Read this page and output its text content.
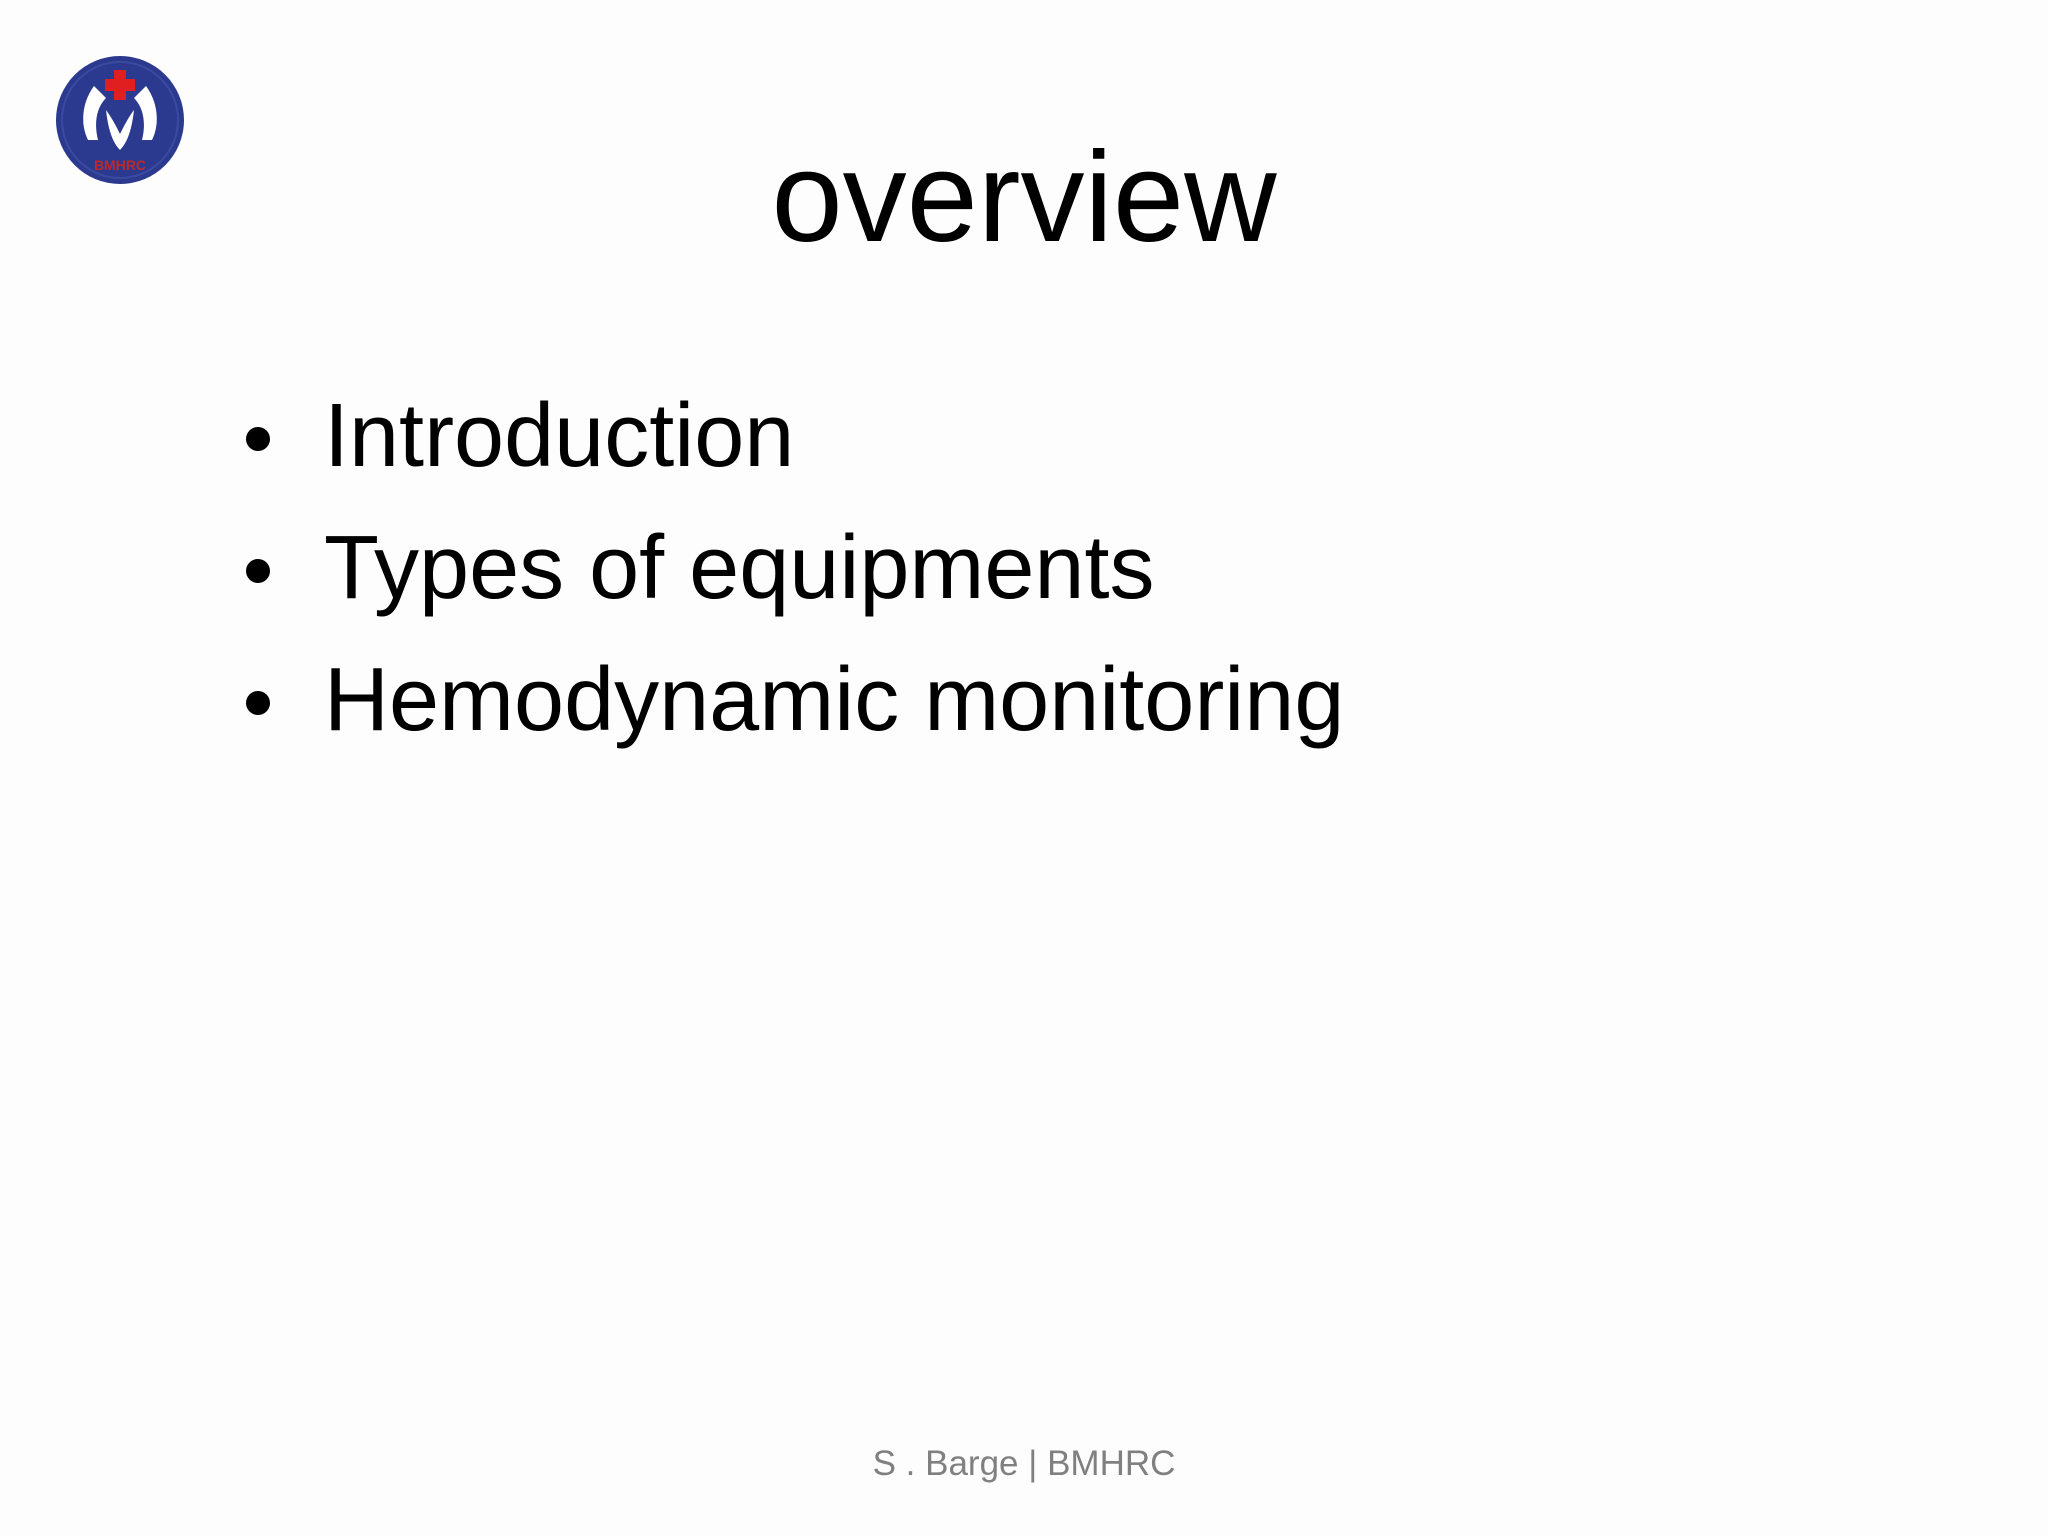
BMHRC	overview
Introduction
Types of equipments
Hemodynamic monitoring
S . Barge | BMHRC
